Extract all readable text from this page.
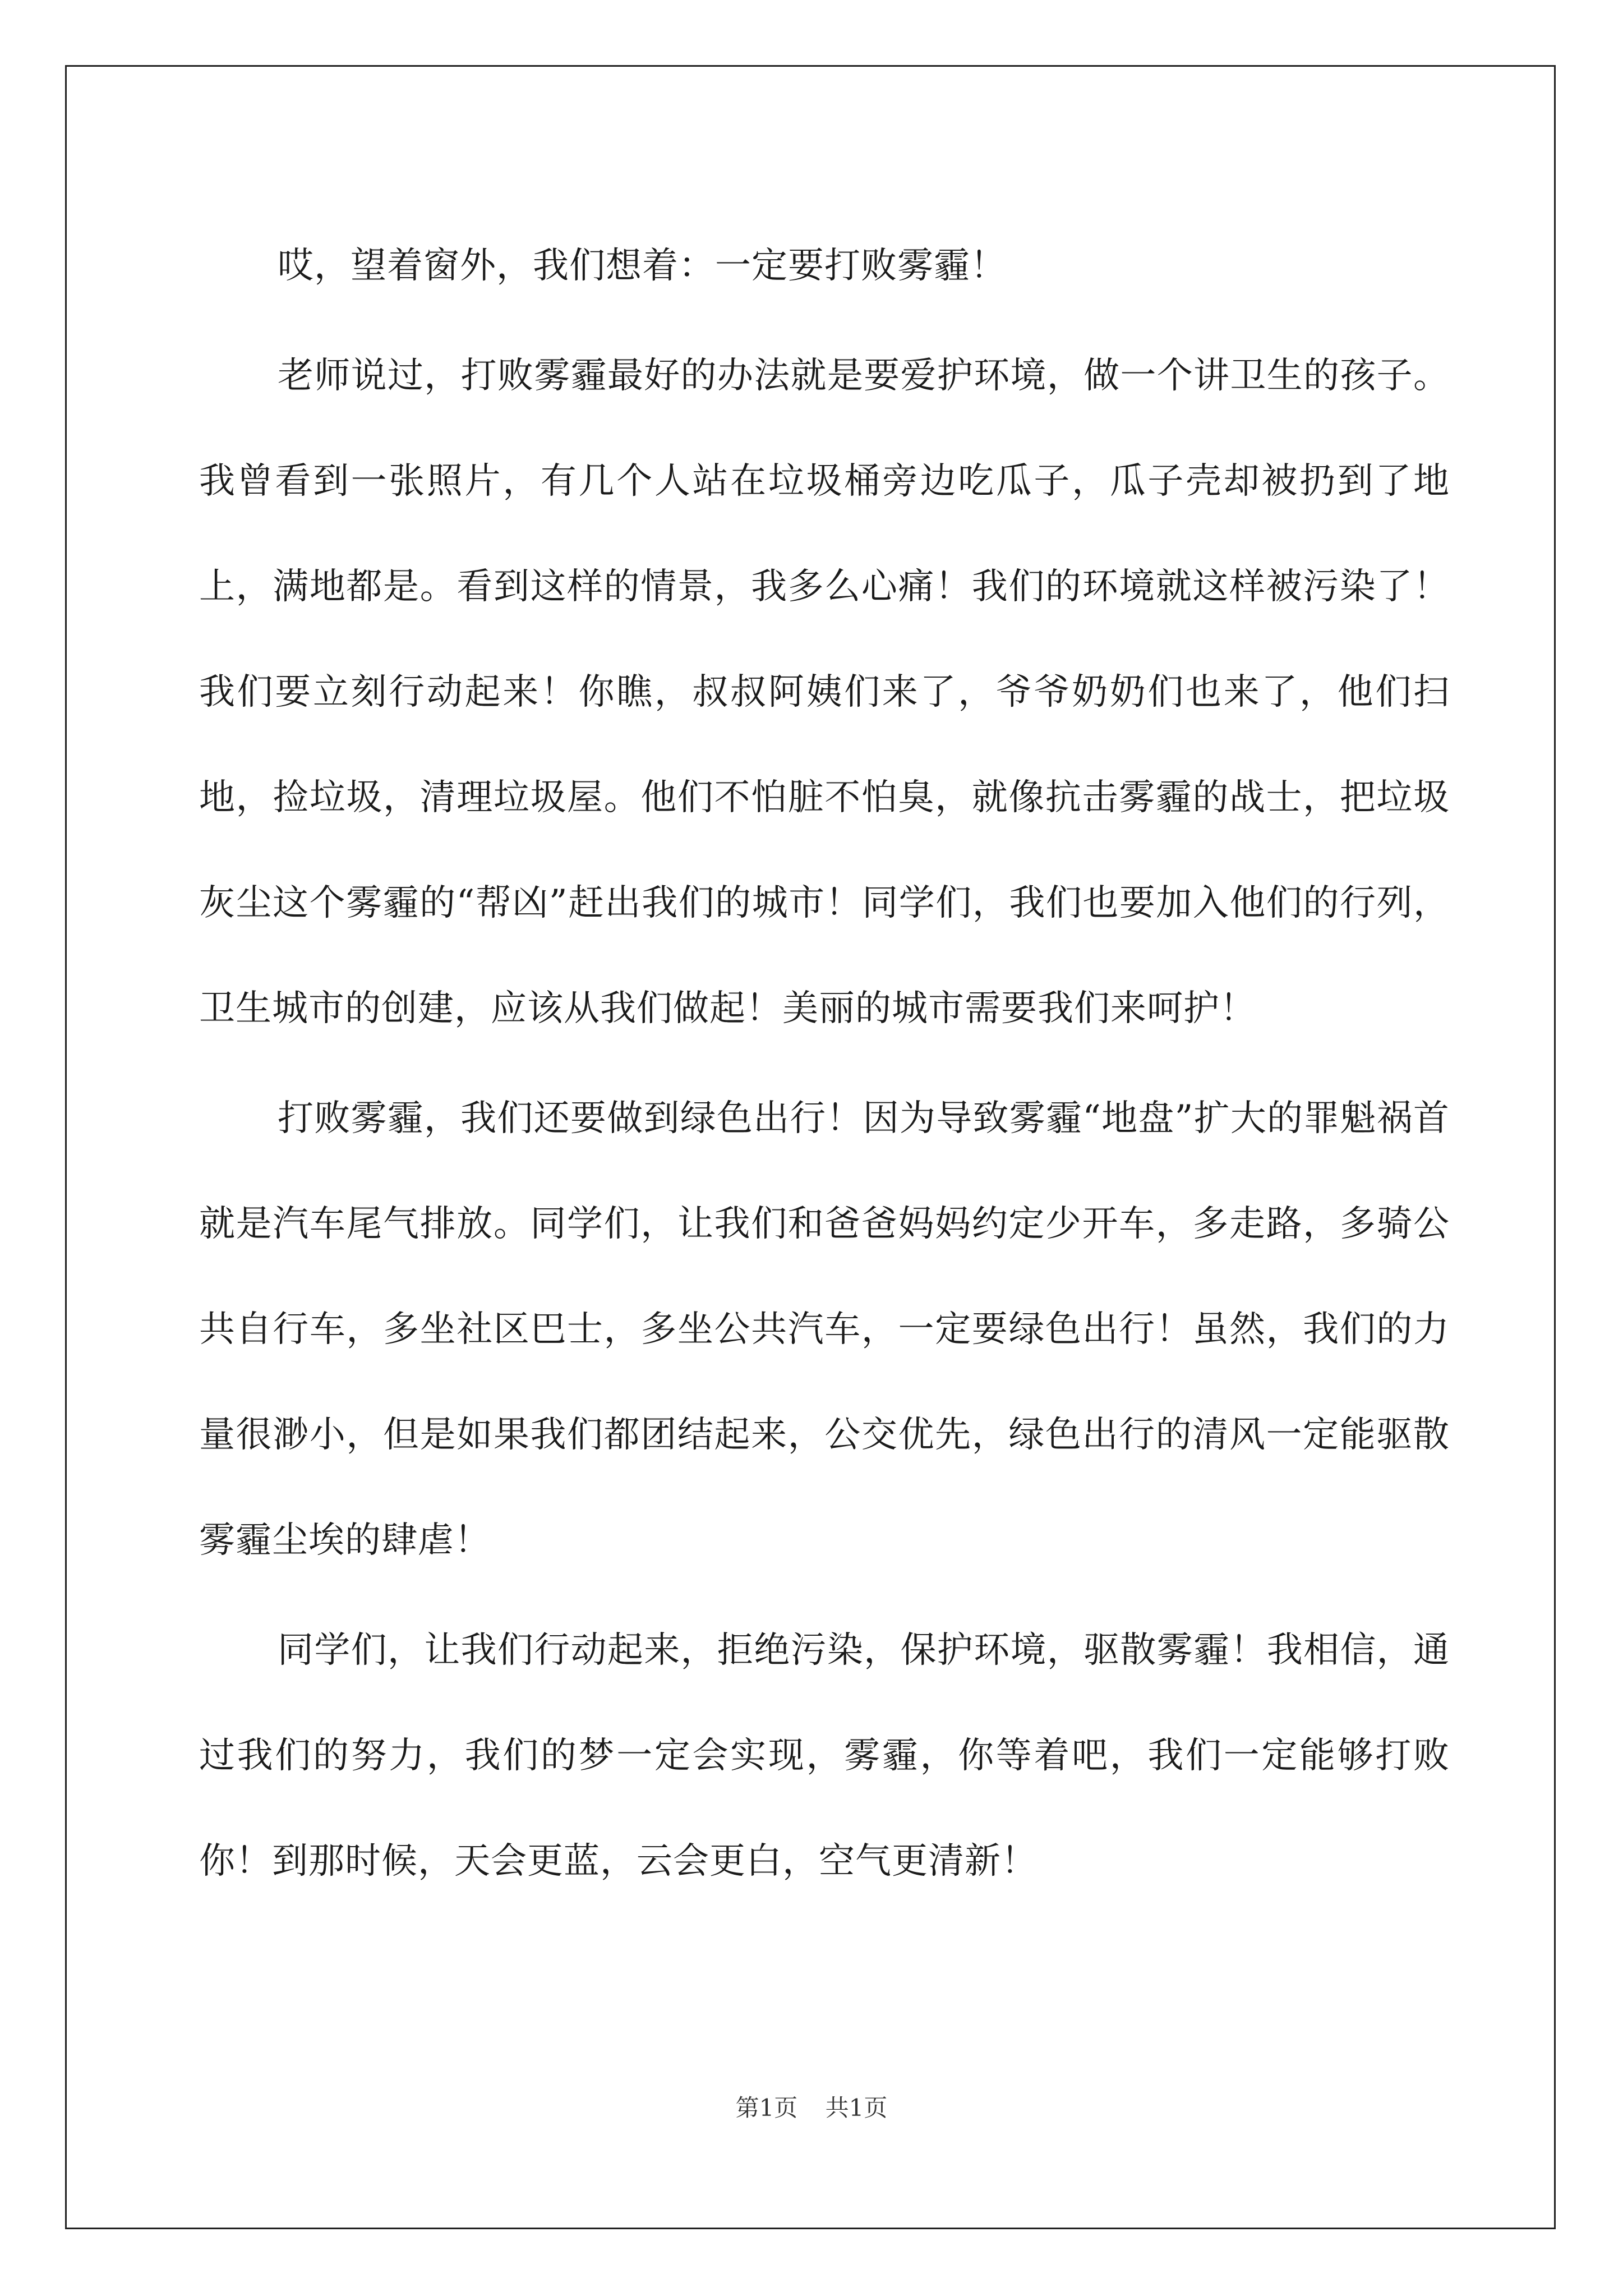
哎，望着窗外，我们想着：一定要打败雾霾！

老师说过，打败雾霾最好的办法就是要爱护环境，做一个讲卫生的孩子。我曾看到一张照片，有几个人站在垃圾桶旁边吃瓜子，瓜子壳却被扔到了地上，满地都是。看到这样的情景，我多么心痛！我们的环境就这样被污染了！我们要立刻行动起来！你瞧，叔叔阿姨们来了，爷爷奶奶们也来了，他们扫地，捡垃圾，清理垃圾屋。他们不怕脏不怕臭，就像抗击雾霾的战士，把垃圾灰尘这个雾霾的“帮凶”赶出我们的城市！同学们，我们也要加入他们的行列，卫生城市的创建，应该从我们做起！美丽的城市需要我们来呵护！

打败雾霾，我们还要做到绿色出行！因为导致雾霾“地盘”扩大的罪魁祸首就是汽车尾气排放。同学们，让我们和爸爸妈妈约定少开车，多走路，多骑公共自行车，多坐社区巴士，多坐公共汽车，一定要绿色出行！虽然，我们的力量很渺小，但是如果我们都团结起来，公交优先，绿色出行的清风一定能驱散雾霾尘埃的肆虐！

同学们，让我们行动起来，拒绝污染，保护环境，驱散雾霾！我相信，通过我们的努力，我们的梦一定会实现，雾霾，你等着吧，我们一定能够打败你！到那时候，天会更蓝，云会更白，空气更清新！

第1页 共1页
